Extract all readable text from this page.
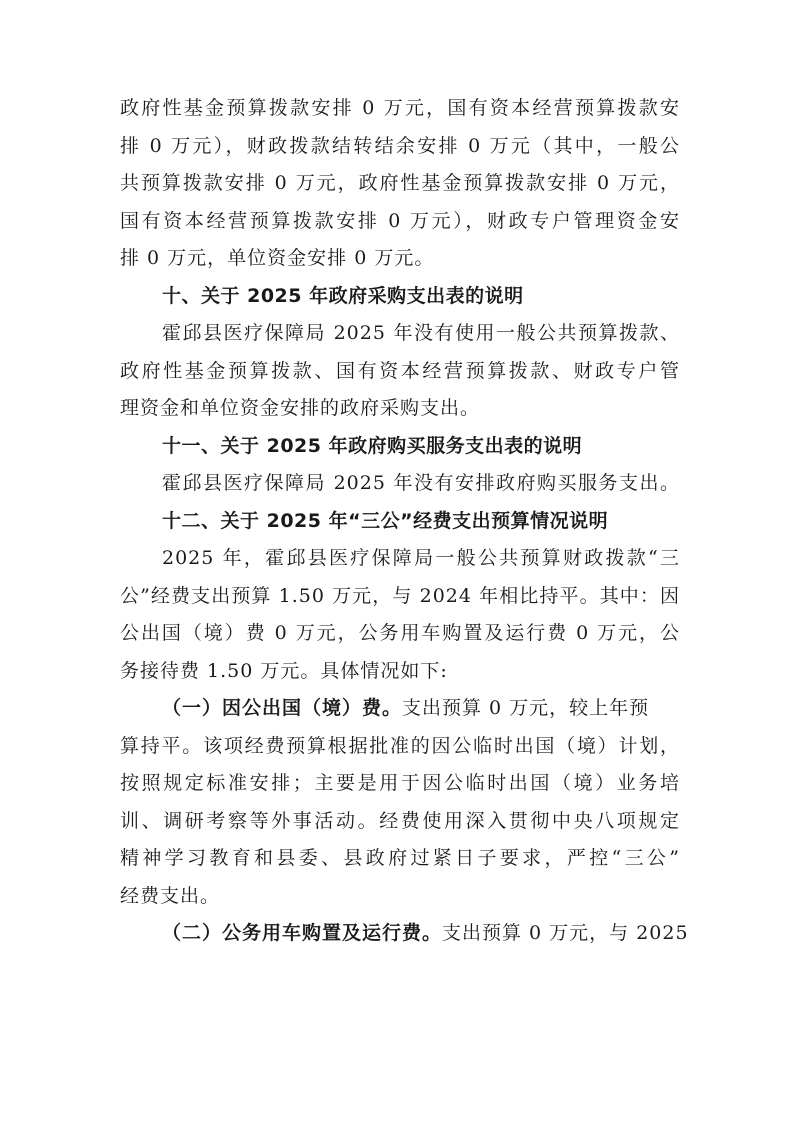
政府性基金预算拨款安排 0 万元，国有资本经营预算拨款安
排 0 万元），财政拨款结转结余安排 0 万元（其中，一般公
共预算拨款安排 0 万元，政府性基金预算拨款安排 0 万元，
国有资本经营预算拨款安排 0 万元），财政专户管理资金安
排 0 万元，单位资金安排 0 万元。
十、关于 2025 年政府采购支出表的说明
霍邱县医疗保障局 2025 年没有使用一般公共预算拨款、
政府性基金预算拨款、国有资本经营预算拨款、财政专户管
理资金和单位资金安排的政府采购支出。
十一、关于 2025 年政府购买服务支出表的说明
霍邱县医疗保障局 2025 年没有安排政府购买服务支出。
十二、关于 2025 年“三公”经费支出预算情况说明
2025 年，霍邱县医疗保障局一般公共预算财政拨款“三
公”经费支出预算 1.50 万元，与 2024 年相比持平。其中：因
公出国（境）费 0 万元，公务用车购置及运行费 0 万元，公
务接待费 1.50 万元。具体情况如下:
（一）因公出国（境）费。支出预算 0 万元，较上年预
算持平。该项经费预算根据批准的因公临时出国（境）计划，
按照规定标准安排；主要是用于因公临时出国（境）业务培
训、调研考察等外事活动。经费使用深入贯彻中央八项规定
精神学习教育和县委、县政府过紧日子要求，严控“三公”
经费支出。
（二）公务用车购置及运行费。支出预算 0 万元，与 2025
